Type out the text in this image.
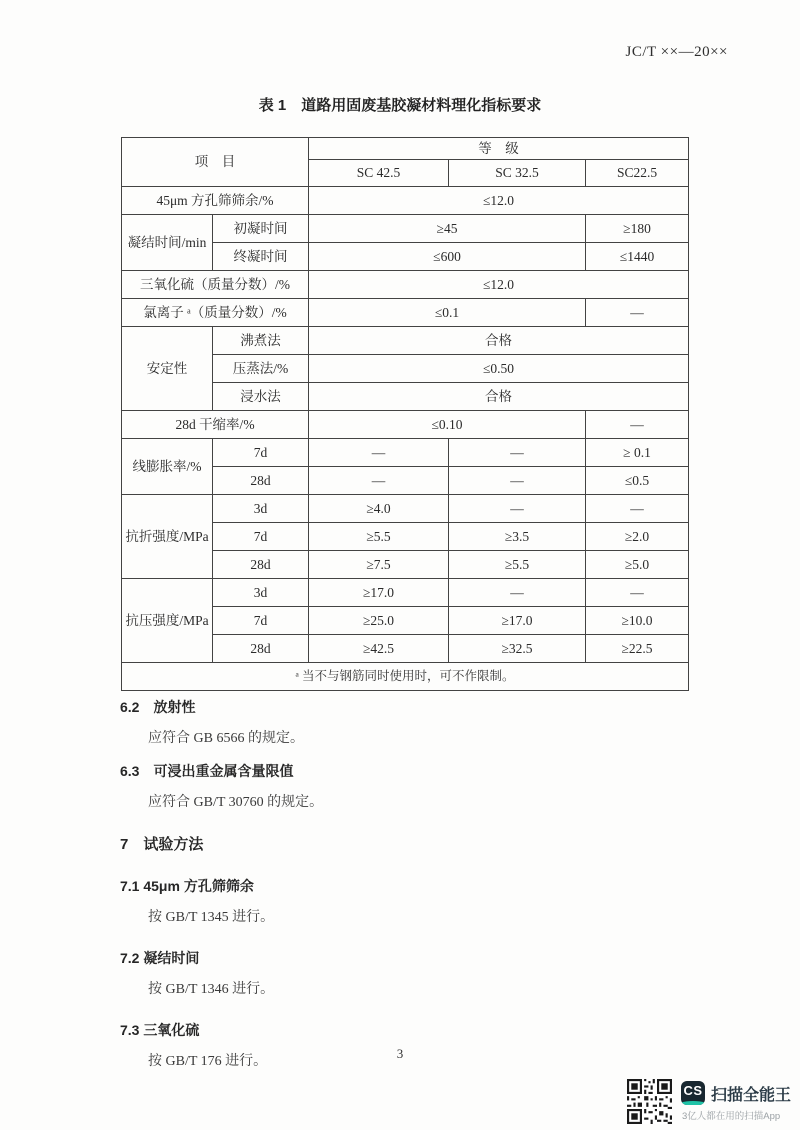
JC/T ××—20××
表 1　道路用固废基胶凝材料理化指标要求
项　目		等　级		
		SC 42.5	SC 32.5	SC22.5
45μm 方孔筛筛余/%		≤12.0		
凝结时间/min	初凝时间	≥45		≥180
	终凝时间	≤600		≤1440
三氧化硫（质量分数）/%		≤12.0		
氯离子 ᵃ（质量分数）/%		≤0.1		—
安定性	沸煮法	合格		
	压蒸法/%	≤0.50		
	浸水法	合格		
28d 干缩率/%		≤0.10		—
线膨胀率/%	7d	—	—	≥ 0.1
	28d	—	—	≤0.5
抗折强度/MPa	3d	≥4.0	—	—
	7d	≥5.5	≥3.5	≥2.0
	28d	≥7.5	≥5.5	≥5.0
抗压强度/MPa	3d	≥17.0	—	—
	7d	≥25.0	≥17.0	≥10.0
	28d	≥42.5	≥32.5	≥22.5
ᵃ 当不与钢筋同时使用时，可不作限制。				
6.2　放射性
应符合 GB 6566 的规定。
6.3　可浸出重金属含量限值
应符合 GB/T 30760 的规定。
7　试验方法
7.1 45μm 方孔筛筛余
按 GB/T 1345 进行。
7.2 凝结时间
按 GB/T 1346 进行。
7.3 三氧化硫
按 GB/T 176 进行。
3
CS 扫描全能王
3亿人都在用的扫描App
